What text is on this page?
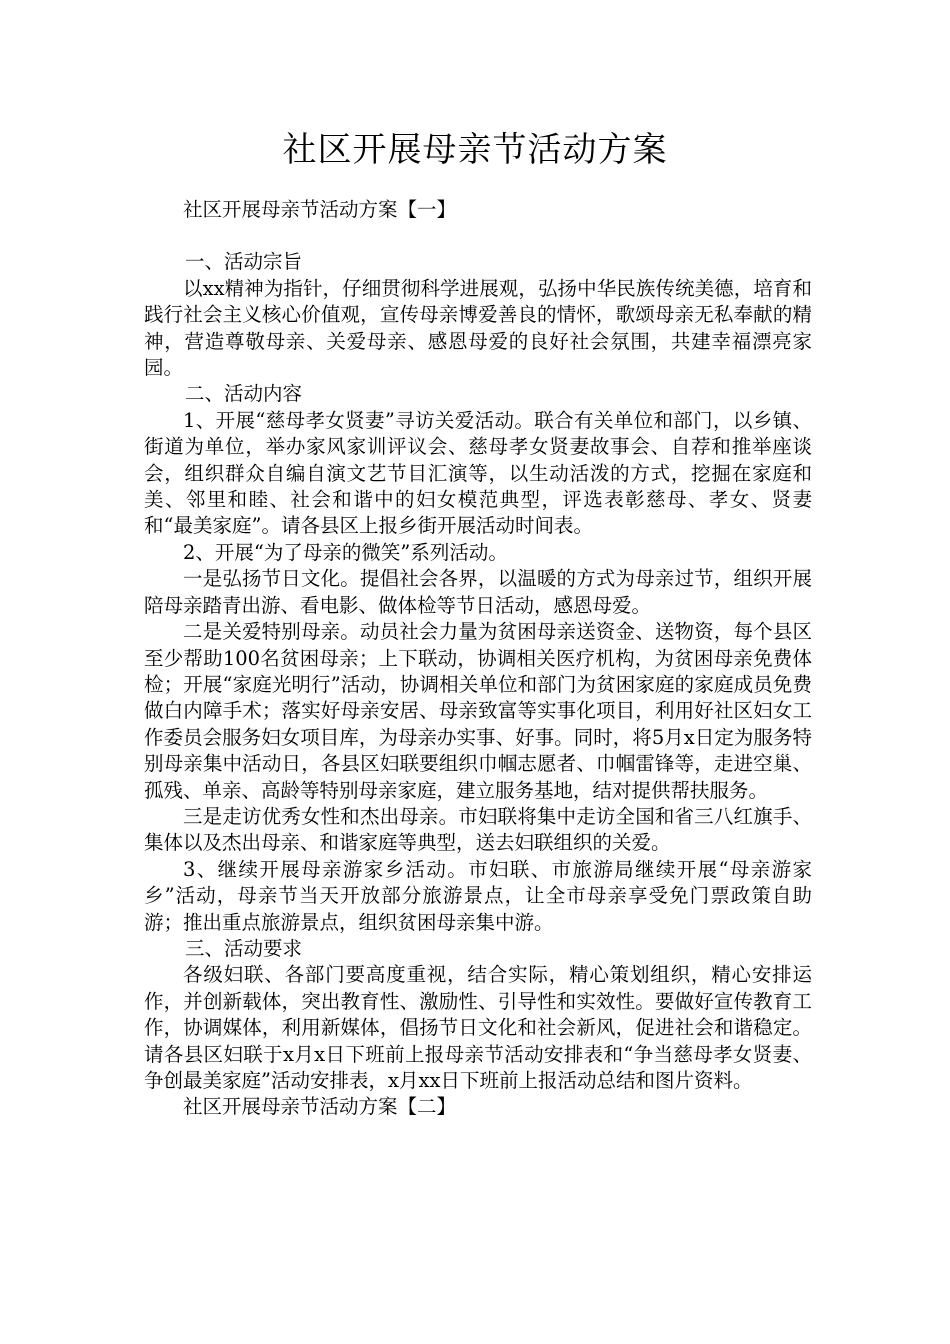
社区开展母亲节活动方案

社区开展母亲节活动方案【一】

一、活动宗旨

以xx精神为指针，仔细贯彻科学进展观，弘扬中华民族传统美德，培育和践行社会主义核心价值观，宣传母亲博爱善良的情怀，歌颂母亲无私奉献的精神，营造尊敬母亲、关爱母亲、感恩母爱的良好社会氛围，共建幸福漂亮家园。

二、活动内容

1、开展“慈母孝女贤妻”寻访关爱活动。联合有关单位和部门，以乡镇、街道为单位，举办家风家训评议会、慈母孝女贤妻故事会、自荐和推举座谈会，组织群众自编自演文艺节目汇演等，以生动活泼的方式，挖掘在家庭和美、邻里和睦、社会和谐中的妇女模范典型，评选表彰慈母、孝女、贤妻和“最美家庭”。请各县区上报乡街开展活动时间表。

2、开展“为了母亲的微笑”系列活动。

一是弘扬节日文化。提倡社会各界，以温暖的方式为母亲过节，组织开展陪母亲踏青出游、看电影、做体检等节日活动，感恩母爱。

二是关爱特别母亲。动员社会力量为贫困母亲送资金、送物资，每个县区至少帮助100名贫困母亲；上下联动，协调相关医疗机构，为贫困母亲免费体检；开展“家庭光明行”活动，协调相关单位和部门为贫困家庭的家庭成员免费做白内障手术；落实好母亲安居、母亲致富等实事化项目，利用好社区妇女工作委员会服务妇女项目库，为母亲办实事、好事。同时，将5月x日定为服务特别母亲集中活动日，各县区妇联要组织巾帼志愿者、巾帼雷锋等，走进空巢、孤残、单亲、高龄等特别母亲家庭，建立服务基地，结对提供帮扶服务。

三是走访优秀女性和杰出母亲。市妇联将集中走访全国和省三八红旗手、集体以及杰出母亲、和谐家庭等典型，送去妇联组织的关爱。

3、继续开展母亲游家乡活动。市妇联、市旅游局继续开展“母亲游家乡”活动，母亲节当天开放部分旅游景点，让全市母亲享受免门票政策自助游；推出重点旅游景点，组织贫困母亲集中游。

三、活动要求

各级妇联、各部门要高度重视，结合实际，精心策划组织，精心安排运作，并创新载体，突出教育性、激励性、引导性和实效性。要做好宣传教育工作，协调媒体，利用新媒体，倡扬节日文化和社会新风，促进社会和谐稳定。请各县区妇联于x月x日下班前上报母亲节活动安排表和“争当慈母孝女贤妻、争创最美家庭”活动安排表，x月xx日下班前上报活动总结和图片资料。

社区开展母亲节活动方案【二】
